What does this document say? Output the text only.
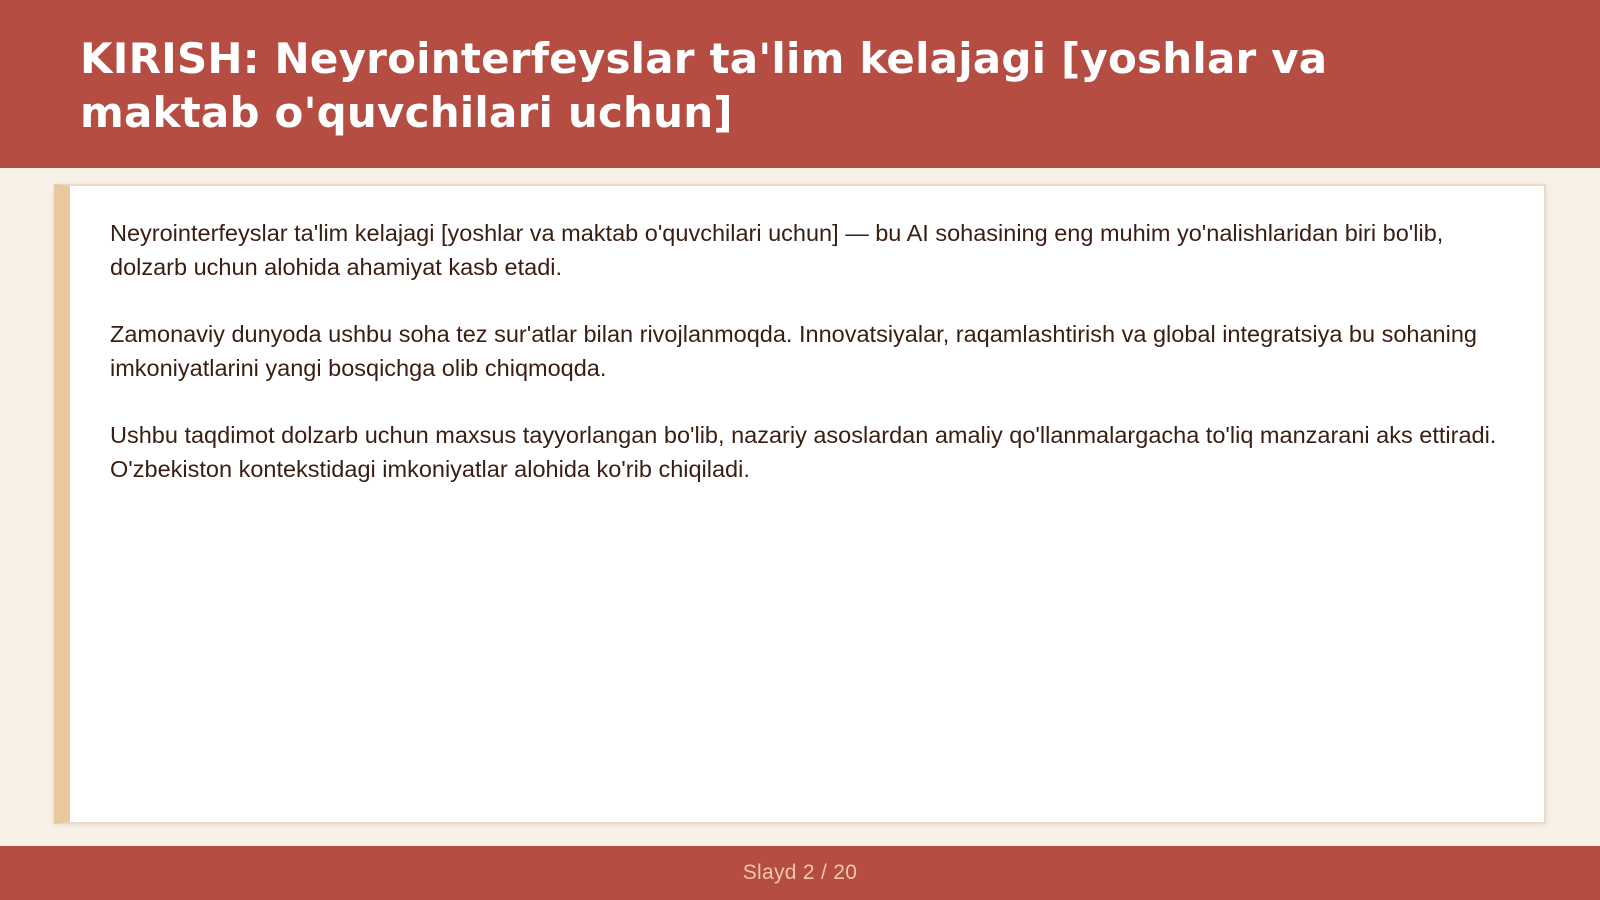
KIRISH: Neyrointerfeyslar ta'lim kelajagi [yoshlar va maktab o'quvchilari uchun]

Neyrointerfeyslar ta'lim kelajagi [yoshlar va maktab o'quvchilari uchun] — bu AI sohasining eng muhim yo'nalishlaridan biri bo'lib, dolzarb uchun alohida ahamiyat kasb etadi.

Zamonaviy dunyoda ushbu soha tez sur'atlar bilan rivojlanmoqda. Innovatsiyalar, raqamlashtirish va global integratsiya bu sohaning imkoniyatlarini yangi bosqichga olib chiqmoqda.

Ushbu taqdimot dolzarb uchun maxsus tayyorlangan bo'lib, nazariy asoslardan amaliy qo'llanmalargacha to'liq manzarani aks ettiradi. O'zbekiston kontekstidagi imkoniyatlar alohida ko'rib chiqiladi.

Slayd 2 / 20
